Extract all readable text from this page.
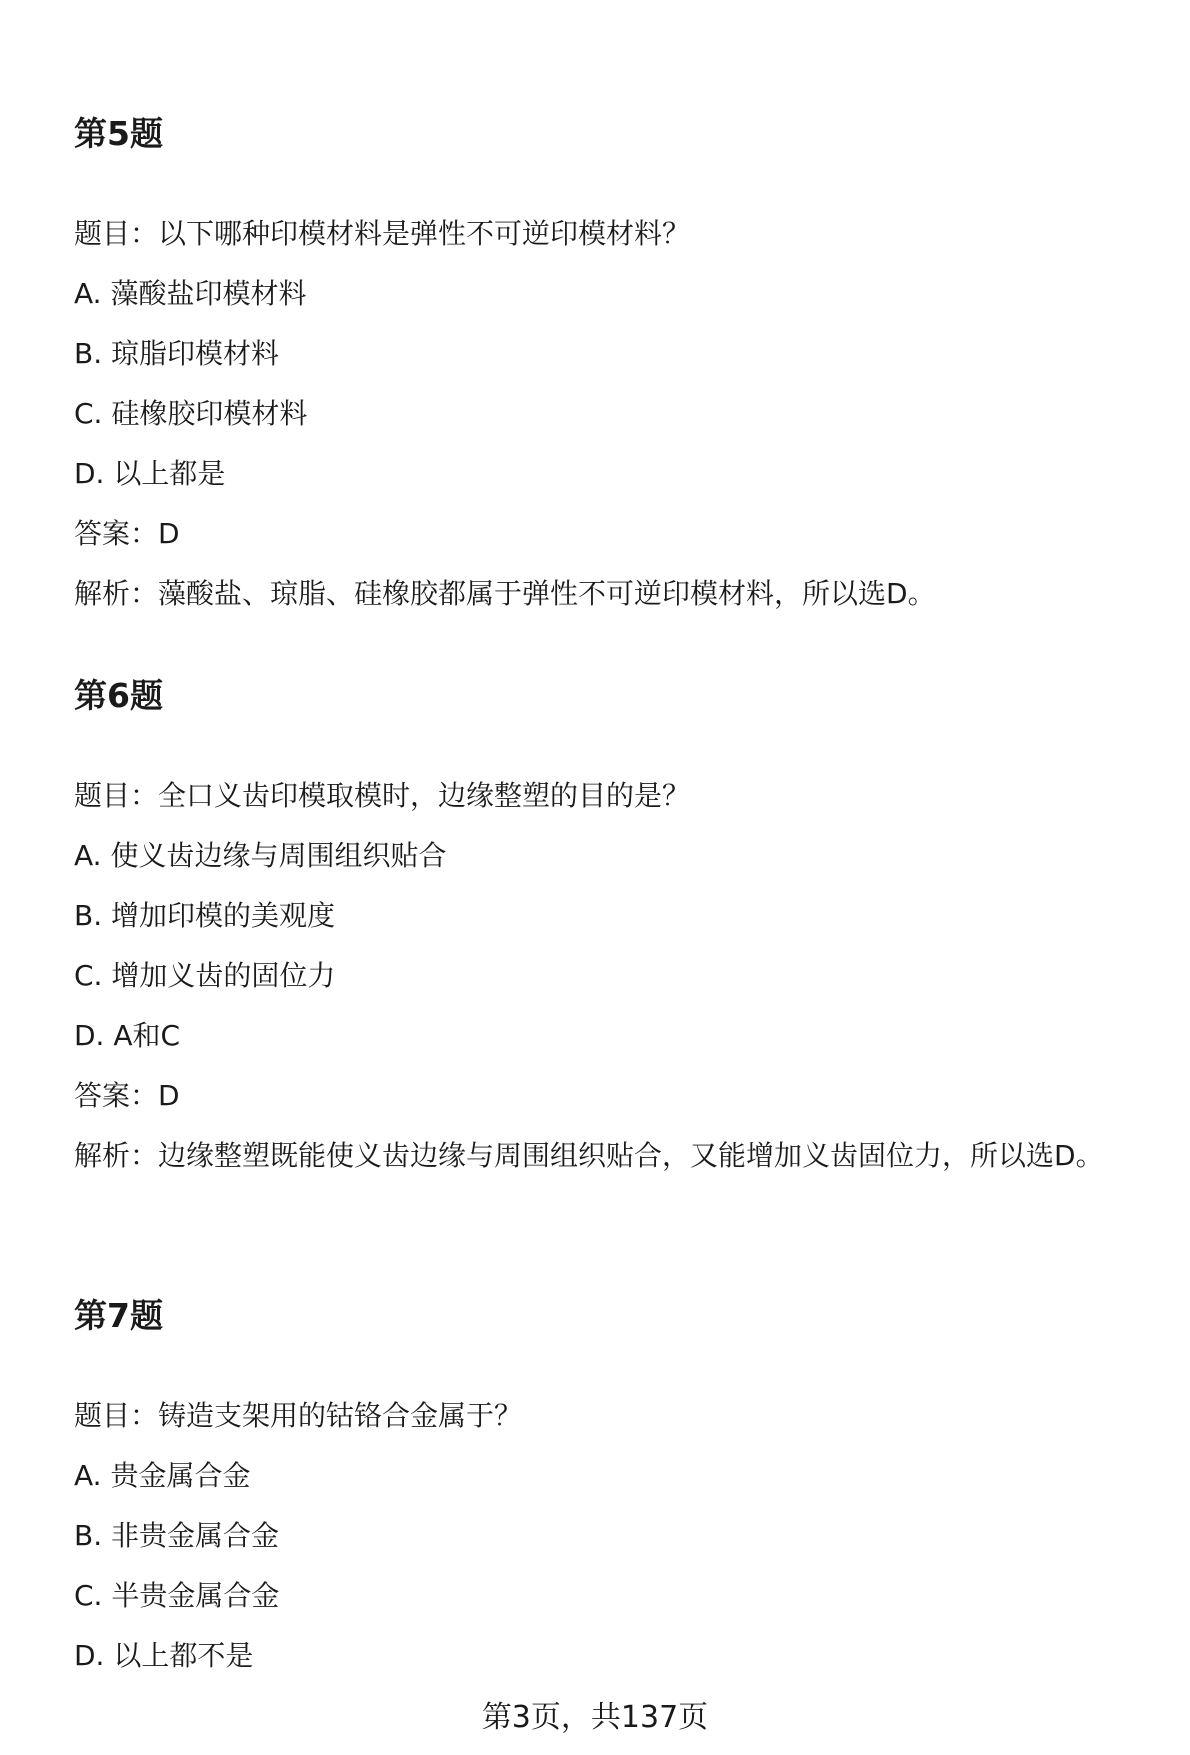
第5题
题目：以下哪种印模材料是弹性不可逆印模材料？
A. 藻酸盐印模材料
B. 琼脂印模材料
C. 硅橡胶印模材料
D. 以上都是
答案：D
解析：藻酸盐、琼脂、硅橡胶都属于弹性不可逆印模材料，所以选D。
第6题
题目：全口义齿印模取模时，边缘整塑的目的是？
A. 使义齿边缘与周围组织贴合
B. 增加印模的美观度
C. 增加义齿的固位力
D. A和C
答案：D
解析：边缘整塑既能使义齿边缘与周围组织贴合，又能增加义齿固位力，所以选D。
第7题
题目：铸造支架用的钴铬合金属于？
A. 贵金属合金
B. 非贵金属合金
C. 半贵金属合金
D. 以上都不是
第3页，共137页
